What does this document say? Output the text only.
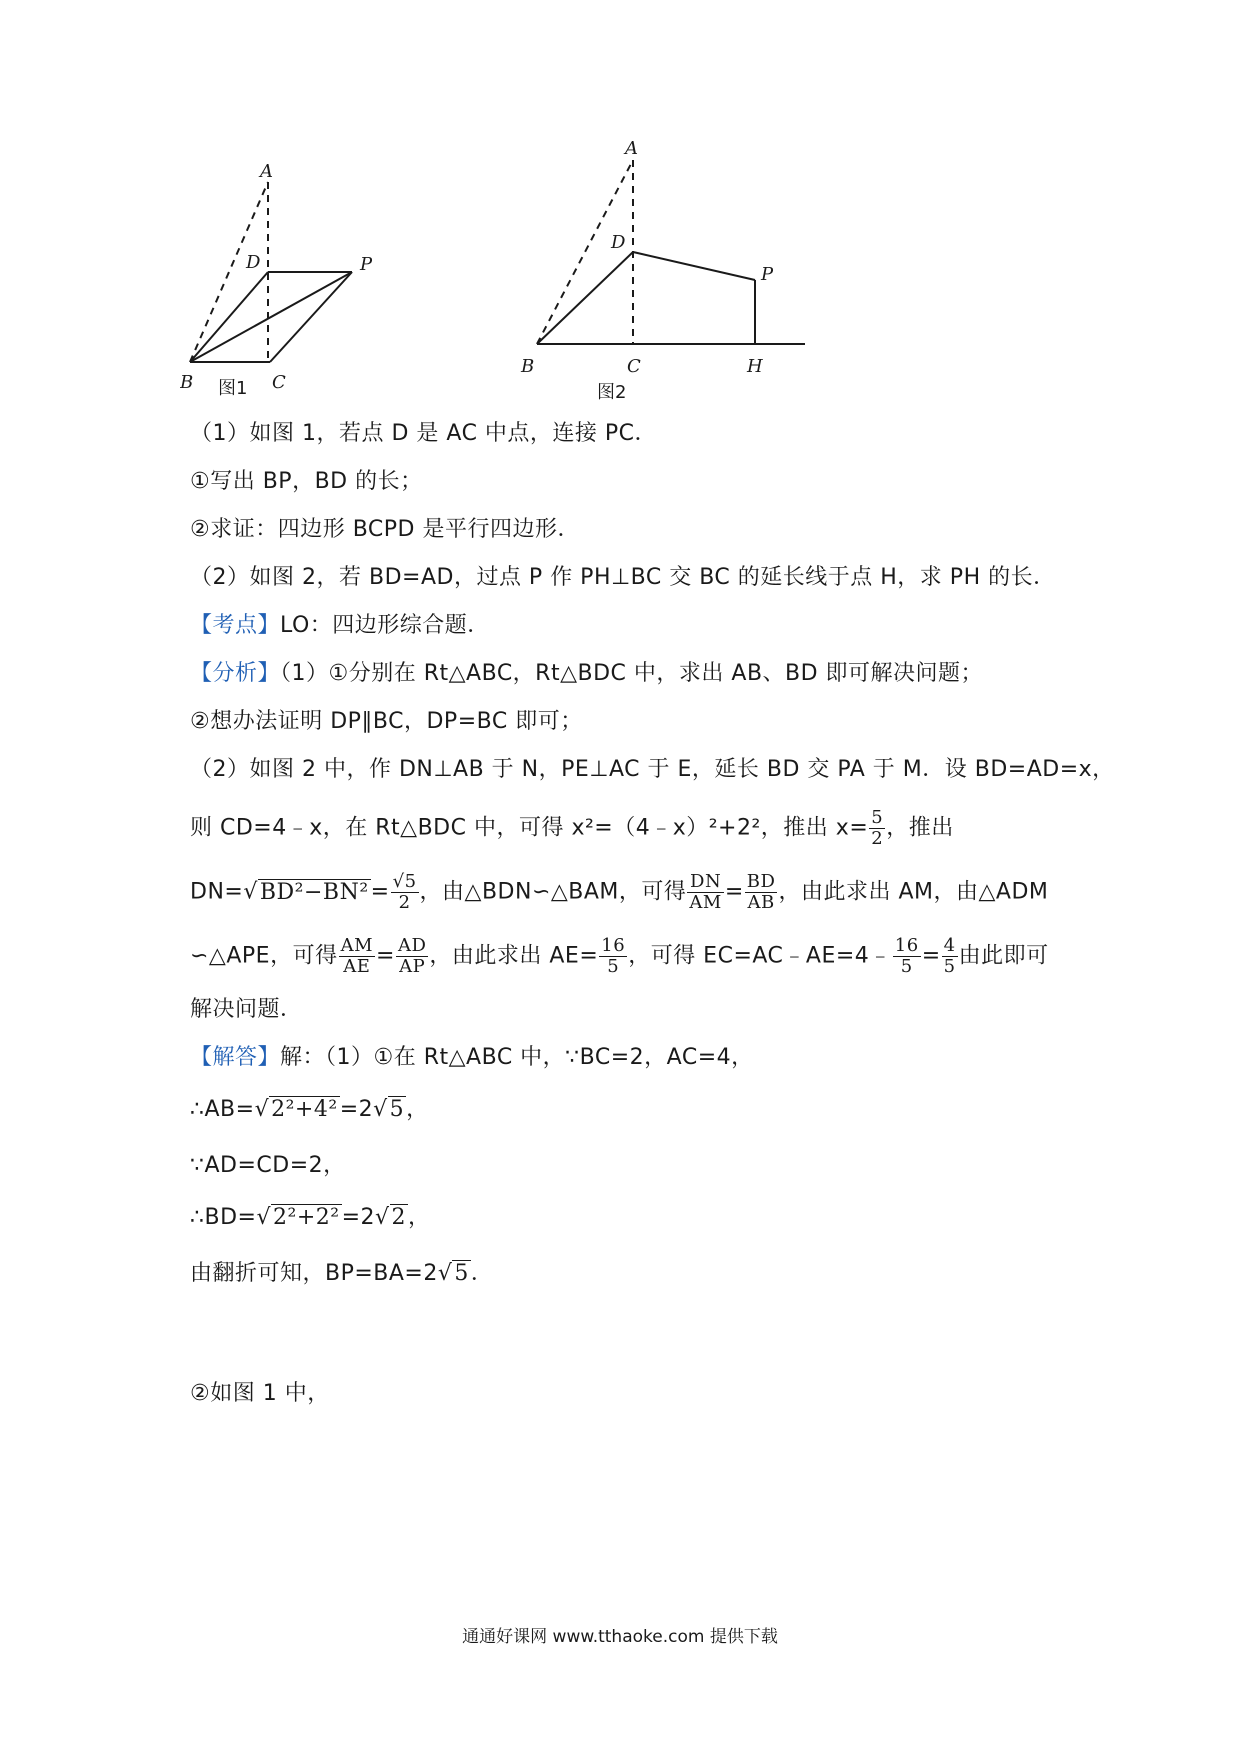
A
D	P
B	C
图1
A
D
P
B	C	H
图2
（1）如图 1，若点 D 是 AC 中点，连接 PC．
①写出 BP，BD 的长；
②求证：四边形 BCPD 是平行四边形．
（2）如图 2，若 BD=AD，过点 P 作 PH⊥BC 交 BC 的延长线于点 H，求 PH 的长．
【考点】LO：四边形综合题．
【分析】（1）①分别在 Rt△ABC，Rt△BDC 中，求出 AB、BD 即可解决问题；
②想办法证明 DP∥BC，DP=BC 即可；
（2）如图 2 中，作 DN⊥AB 于 N，PE⊥AC 于 E，延长 BD 交 PA 于 M．设 BD=AD=x，
则 CD=4﹣x，在 Rt△BDC 中，可得 x²=（4﹣x）²+2²，推出 $x= \frac{5}{2}$ ，推出
$DN=√BD^2-BN^2= \frac{√5}{2}$ ，由△BDN∽△BAM，可得 $\frac{DN}{AM} = \frac{BD}{AB}$ ，由此求出 AM，由△ADM
∽△APE，可得 $\frac{AM}{AE} = \frac{AD}{AP}$ ，由此求出 $AE= \frac{16}{5}$ ，可得 EC=AC﹣AE=4﹣ $\frac{16}{5} = \frac{4}{5}$ 由此即可
解决问题．
【解答】解：（1）①在 Rt△ABC 中，∵BC=2，AC=4，
∴AB=√2²+4²=2√5，
∵AD=CD=2，
∴BD=√2²+2²=2√2，
由翻折可知，BP=BA=2√5．
②如图 1 中，
通通好课网 www.tthaoke.com 提供下载
